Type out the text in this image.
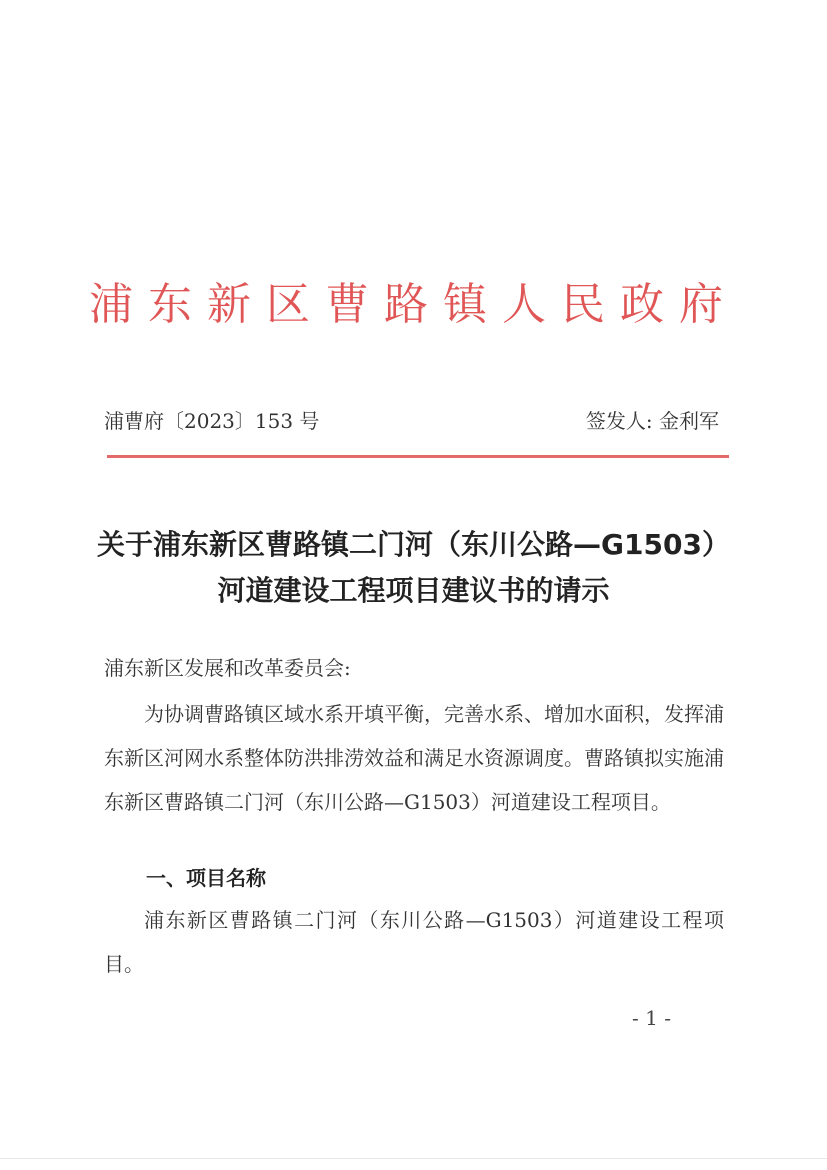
浦东新区曹路镇人民政府
浦曹府〔2023〕153 号	签发人: 金利军
关于浦东新区曹路镇二门河（东川公路—G1503）
河道建设工程项目建议书的请示
浦东新区发展和改革委员会:
为协调曹路镇区域水系开填平衡，完善水系、增加水面积，发挥浦东新区河网水系整体防洪排涝效益和满足水资源调度。曹路镇拟实施浦东新区曹路镇二门河（东川公路—G1503）河道建设工程项目。
一、项目名称
浦东新区曹路镇二门河（东川公路—G1503）河道建设工程项目。
- 1 -
